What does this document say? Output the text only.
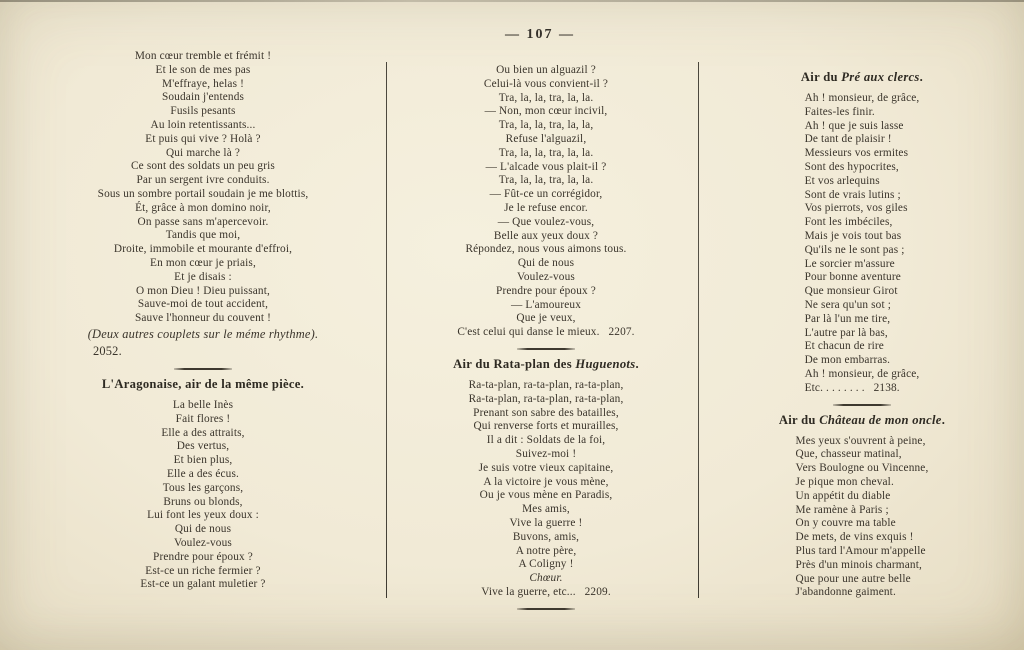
— 107 —
Mon cœur tremble et frémit !
Et le son de mes pas
M'effraye, helas !
Soudain j'entends
Fusils pesants
Au loin retentissants...
Et puis qui vive ? Holà ?
Qui marche là ?
Ce sont des soldats un peu gris
Par un sergent ivre conduits.
Sous un sombre portail soudain je me blottis,
Ét, grâce à mon domino noir,
On passe sans m'apercevoir.
Tandis que moi,
Droite, immobile et mourante d'effroi,
En mon cœur je priais,
Et je disais :
O mon Dieu ! Dieu puissant,
Sauve-moi de tout accident,
Sauve l'honneur du couvent !
(Deux autres couplets sur le méme rhythme).
2052.
L'Aragonaise, air de la même pièce.
La belle Inès
Fait flores !
Elle a des attraits,
Des vertus,
Et bien plus,
Elle a des écus.
Tous les garçons,
Bruns ou blonds,
Lui font les yeux doux :
Qui de nous
Voulez-vous
Prendre pour époux ?
Est-ce un riche fermier ?
Est-ce un galant muletier ?
Ou bien un alguazil ?
Celui-là vous convient-il ?
Tra, la, la, tra, la, la.
— Non, mon cœur incivil,
Tra, la, la, tra, la, la,
Refuse l'alguazil,
Tra, la, la, tra, la, la.
— L'alcade vous plait-il ?
Tra, la, la, tra, la, la.
— Fût-ce un corrégidor,
Je le refuse encor.
— Que voulez-vous,
Belle aux yeux doux ?
Répondez, nous vous aimons tous.
Qui de nous
Voulez-vous
Prendre pour époux ?
— L'amoureux
Que je veux,
C'est celui qui danse le mieux.   2207.
Air du Rata-plan des Huguenots.
Ra-ta-plan, ra-ta-plan, ra-ta-plan,
Ra-ta-plan, ra-ta-plan, ra-ta-plan,
Prenant son sabre des batailles,
Qui renverse forts et murailles,
Il a dit : Soldats de la foi,
Suivez-moi !
Je suis votre vieux capitaine,
A la victoire je vous mène,
Ou je vous mène en Paradis,
Mes amis,
Vive la guerre !
Buvons, amis,
A notre père,
A Coligny !
Chœur.
Vive la guerre, etc...   2209.
Air du Pré aux clercs.
Ah ! monsieur, de grâce,
Faites-les finir.
Ah ! que je suis lasse
De tant de plaisir !
Messieurs vos ermites
Sont des hypocrites,
Et vos arlequins
Sont de vrais lutins ;
Vos pierrots, vos giles
Font les imbéciles,
Mais je vois tout bas
Qu'ils ne le sont pas ;
Le sorcier m'assure
Pour bonne aventure
Que monsieur Girot
Ne sera qu'un sot ;
Par là l'un me tire,
L'autre par là bas,
Et chacun de rire
De mon embarras.
Ah ! monsieur, de grâce,
Etc. . . . . . . .   2138.
Air du Château de mon oncle.
Mes yeux s'ouvrent à peine,
Que, chasseur matinal,
Vers Boulogne ou Vincenne,
Je pique mon cheval.
Un appétit du diable
Me ramène à Paris ;
On y couvre ma table
De mets, de vins exquis !
Plus tard l'Amour m'appelle
Près d'un minois charmant,
Que pour une autre belle
J'abandonne gaiment.
